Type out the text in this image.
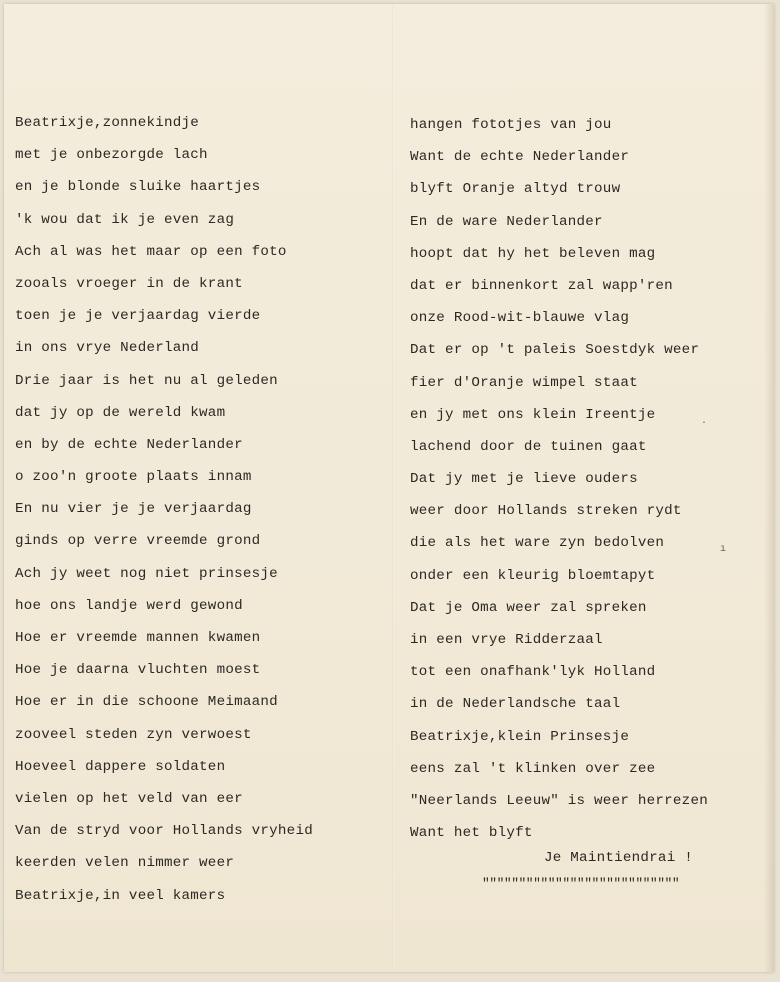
Beatrixje,zonnekindje
met je onbezorgde lach
en je blonde sluike haartjes
'k wou dat ik je even zag
Ach al was het maar op een foto
zooals vroeger in de krant
toen je je verjaardag vierde
in ons vrye Nederland
Drie jaar is het nu al geleden
dat jy op de wereld kwam
en by de echte Nederlander
o zoo'n groote plaats innam
En nu vier je je verjaardag
ginds op verre vreemde grond
Ach jy weet nog niet prinsesje
hoe ons landje werd gewond
Hoe er vreemde mannen kwamen
Hoe je daarna vluchten moest
Hoe er in die schoone Meimaand
zooveel steden zyn verwoest
Hoeveel dappere soldaten
vielen op het veld van eer
Van de stryd voor Hollands vryheid
keerden velen nimmer weer
Beatrixje,in veel kamers
hangen fototjes van jou
Want de echte Nederlander
blyft Oranje altyd trouw
En de ware Nederlander
hoopt dat hy het beleven mag
dat er binnenkort zal wapp'ren
onze Rood-wit-blauwe vlag
Dat er op 't paleis Soestdyk weer
fier d'Oranje wimpel staat
en jy met ons klein Ireentje
lachend door de tuinen gaat
Dat jy met je lieve ouders
weer door Hollands streken rydt
die als het ware zyn bedolven
onder een kleurig bloemtapyt
Dat je Oma weer zal spreken
in een vrye Ridderzaal
tot een onafhank'lyk Holland
in de Nederlandsche taal
Beatrixje,klein Prinsesje
eens zal 't klinken over zee
"Neerlands Leeuw" is weer herrezen
Want het blyft
Je Maintiendrai !
"""""""""""""""""""""""""""
·
ı
